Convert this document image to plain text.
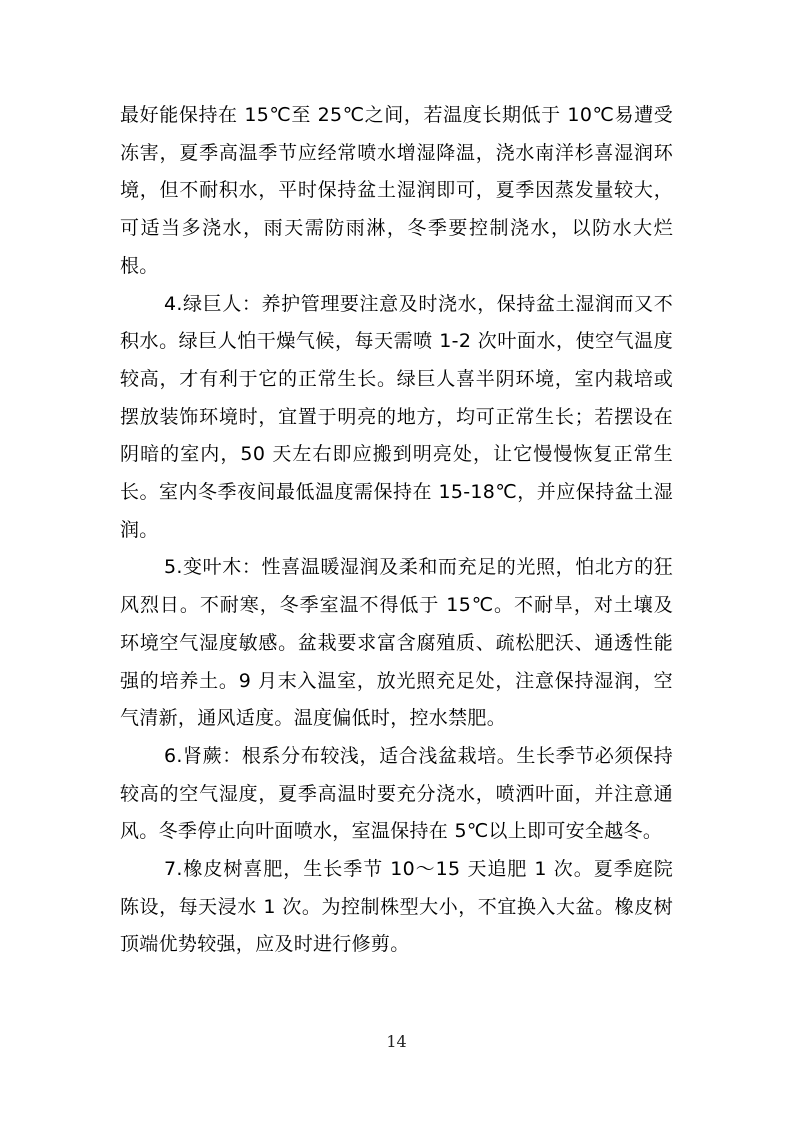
最好能保持在 15℃至 25℃之间，若温度长期低于 10℃易遭受冻害，夏季高温季节应经常喷水增湿降温，浇水南洋杉喜湿润环境，但不耐积水，平时保持盆土湿润即可，夏季因蒸发量较大，可适当多浇水，雨天需防雨淋，冬季要控制浇水，以防水大烂根。

4.绿巨人：养护管理要注意及时浇水，保持盆土湿润而又不积水。绿巨人怕干燥气候，每天需喷 1-2 次叶面水，使空气温度较高，才有利于它的正常生长。绿巨人喜半阴环境，室内栽培或摆放装饰环境时，宜置于明亮的地方，均可正常生长；若摆设在阴暗的室内，50 天左右即应搬到明亮处，让它慢慢恢复正常生长。室内冬季夜间最低温度需保持在 15-18℃，并应保持盆土湿润。

5.变叶木：性喜温暖湿润及柔和而充足的光照，怕北方的狂风烈日。不耐寒，冬季室温不得低于 15℃。不耐旱，对土壤及环境空气湿度敏感。盆栽要求富含腐殖质、疏松肥沃、通透性能强的培养土。9 月末入温室，放光照充足处，注意保持湿润，空气清新，通风适度。温度偏低时，控水禁肥。

6.肾蕨：根系分布较浅，适合浅盆栽培。生长季节必须保持较高的空气湿度，夏季高温时要充分浇水，喷洒叶面，并注意通风。冬季停止向叶面喷水，室温保持在 5℃以上即可安全越冬。

7.橡皮树喜肥，生长季节 10～15 天追肥 1 次。夏季庭院陈设，每天浸水 1 次。为控制株型大小，不宜换入大盆。橡皮树顶端优势较强，应及时进行修剪。

14
